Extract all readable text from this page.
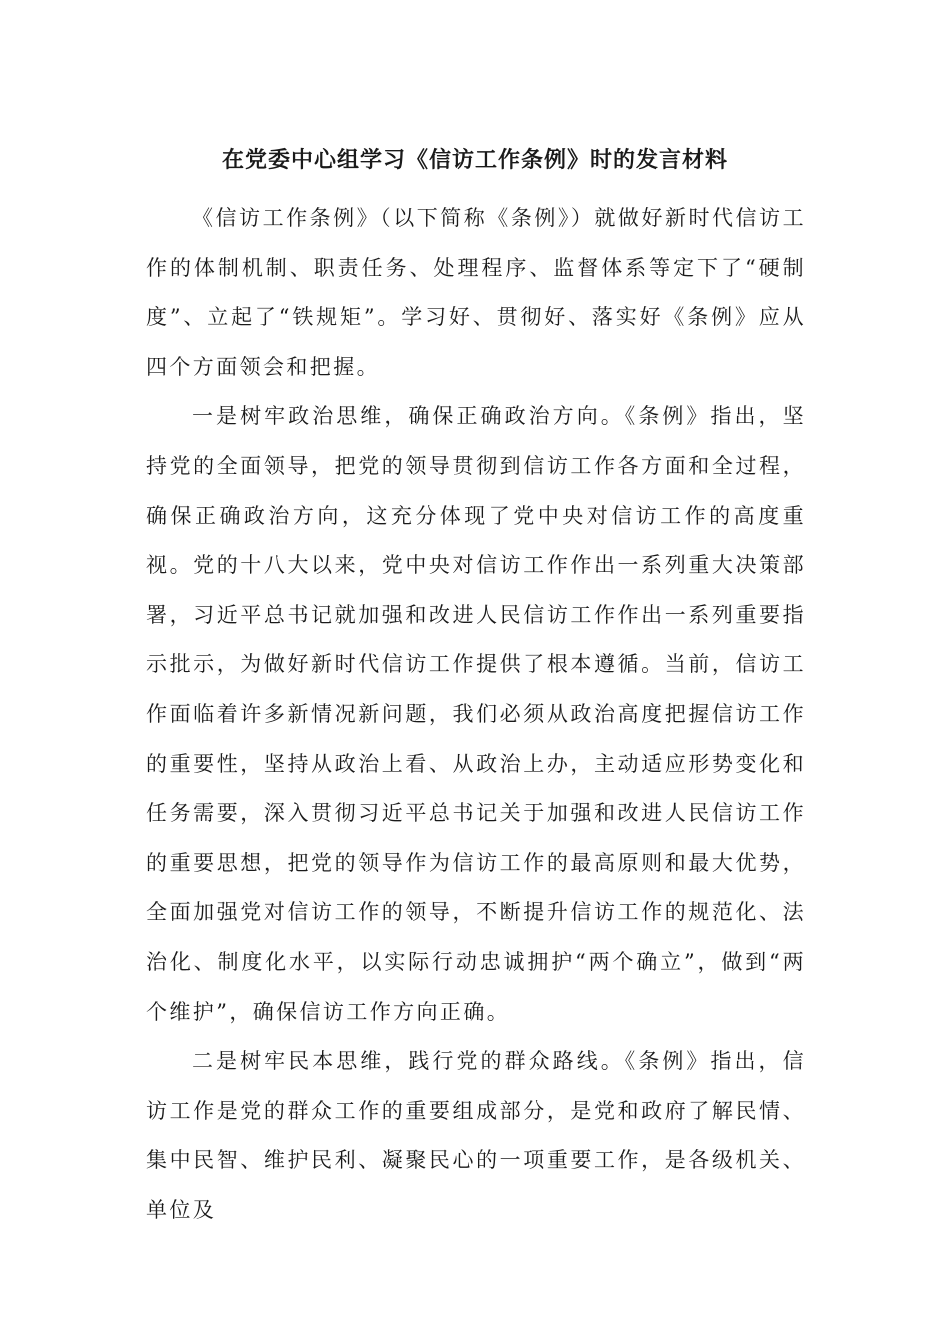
在党委中心组学习《信访工作条例》时的发言材料

《信访工作条例》（以下简称《条例》）就做好新时代信访工作的体制机制、职责任务、处理程序、监督体系等定下了“硬制度”、立起了“铁规矩”。学习好、贯彻好、落实好《条例》应从四个方面领会和把握。

一是树牢政治思维，确保正确政治方向。《条例》指出，坚持党的全面领导，把党的领导贯彻到信访工作各方面和全过程，确保正确政治方向，这充分体现了党中央对信访工作的高度重视。党的十八大以来，党中央对信访工作作出一系列重大决策部署，习近平总书记就加强和改进人民信访工作作出一系列重要指示批示，为做好新时代信访工作提供了根本遵循。当前，信访工作面临着许多新情况新问题，我们必须从政治高度把握信访工作的重要性，坚持从政治上看、从政治上办，主动适应形势变化和任务需要，深入贯彻习近平总书记关于加强和改进人民信访工作的重要思想，把党的领导作为信访工作的最高原则和最大优势，全面加强党对信访工作的领导，不断提升信访工作的规范化、法治化、制度化水平，以实际行动忠诚拥护“两个确立”，做到“两个维护”，确保信访工作方向正确。

二是树牢民本思维，践行党的群众路线。《条例》指出，信访工作是党的群众工作的重要组成部分，是党和政府了解民情、集中民智、维护民利、凝聚民心的一项重要工作，是各级机关、单位及
